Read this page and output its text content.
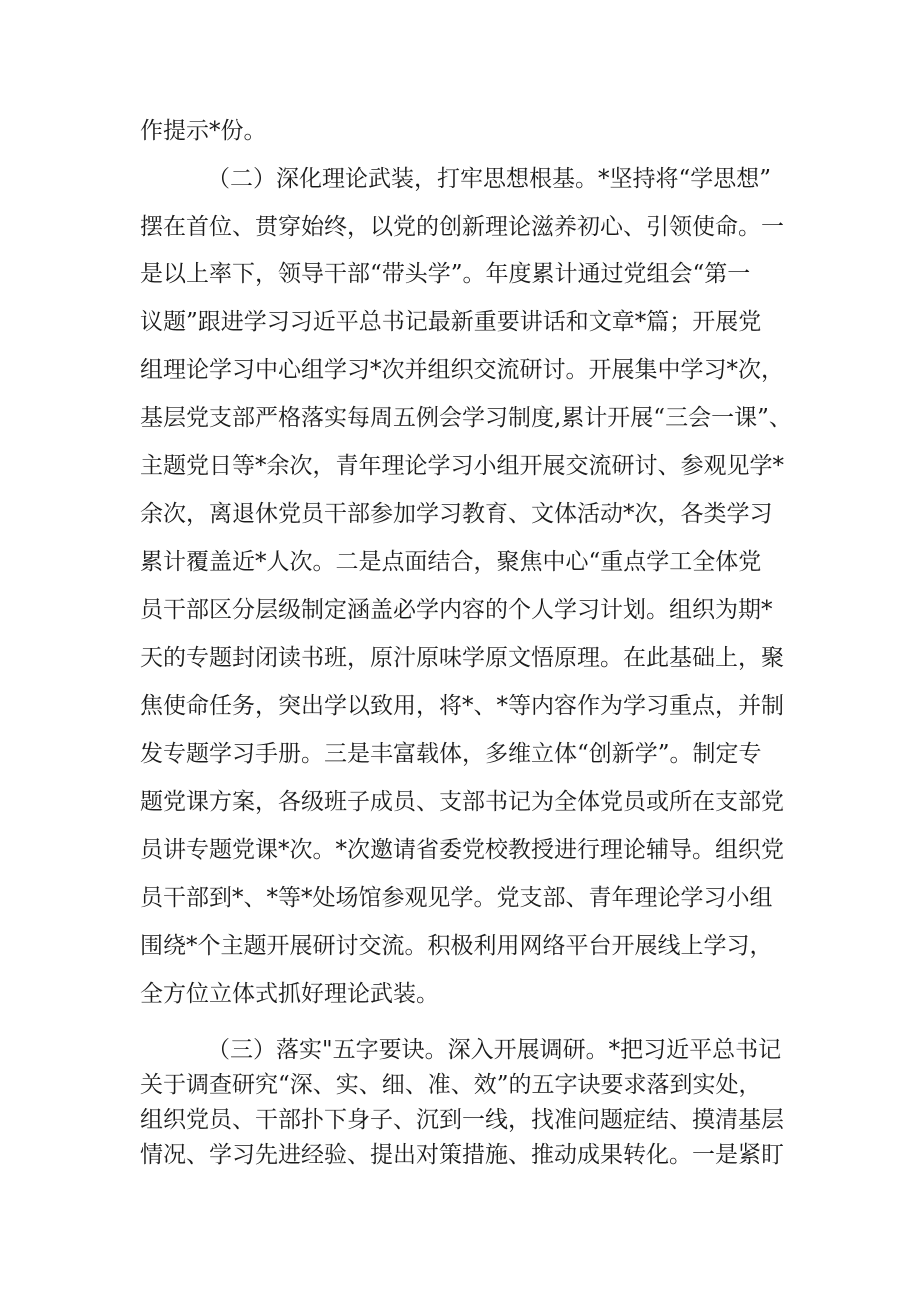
作提示*份。
（二）深化理论武装，打牢思想根基。*坚持将“学思想”
摆在首位、贯穿始终，以党的创新理论滋养初心、引领使命。一
是以上率下，领导干部“带头学”。年度累计通过党组会“第一
议题”跟进学习习近平总书记最新重要讲话和文章*篇；开展党
组理论学习中心组学习*次并组织交流研讨。开展集中学习*次，
基层党支部严格落实每周五例会学习制度,累计开展“三会一课”、
主题党日等*余次，青年理论学习小组开展交流研讨、参观见学*
余次，离退休党员干部参加学习教育、文体活动*次，各类学习
累计覆盖近*人次。二是点面结合，聚焦中心“重点学工全体党
员干部区分层级制定涵盖必学内容的个人学习计划。组织为期*
天的专题封闭读书班，原汁原味学原文悟原理。在此基础上，聚
焦使命任务，突出学以致用，将*、*等内容作为学习重点，并制
发专题学习手册。三是丰富载体，多维立体“创新学”。制定专
题党课方案，各级班子成员、支部书记为全体党员或所在支部党
员讲专题党课*次。*次邀请省委党校教授进行理论辅导。组织党
员干部到*、*等*处场馆参观见学。党支部、青年理论学习小组
围绕*个主题开展研讨交流。积极利用网络平台开展线上学习，
全方位立体式抓好理论武装。
（三）落实"五字要诀。深入开展调研。*把习近平总书记
关于调查研究“深、实、细、准、效”的五字诀要求落到实处，
组织党员、干部扑下身子、沉到一线，找准问题症结、摸清基层
情况、学习先进经验、提出对策措施、推动成果转化。一是紧盯
